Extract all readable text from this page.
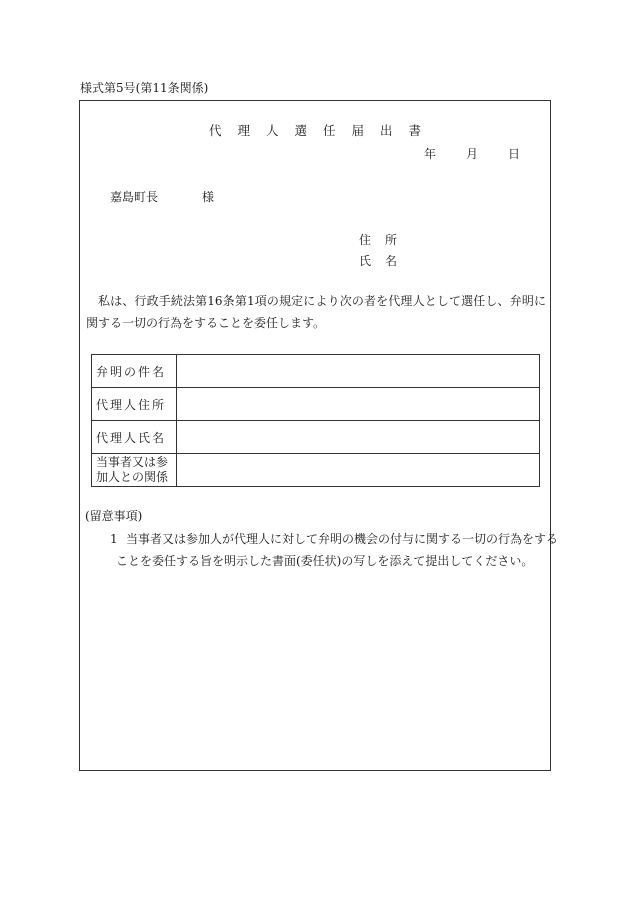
様式第5号(第11条関係)
代 理 人 選 任 届 出 書
年	月	日
嘉島町長	様
住 所
氏 名
私は、行政手続法第16条第1項の規定により次の者を代理人として選任し、弁明に関する一切の行為をすることを委任します。
弁明の件名	
代理人住所	
代理人氏名	
当事者又は参加人との関係	
(留意事項)
1 当事者又は参加人が代理人に対して弁明の機会の付与に関する一切の行為をする
ことを委任する旨を明示した書面(委任状)の写しを添えて提出してください。
